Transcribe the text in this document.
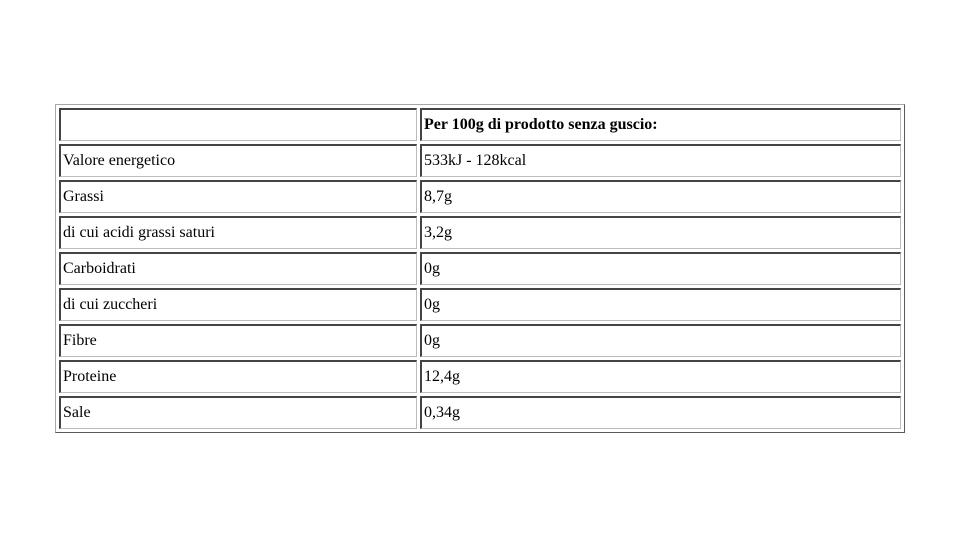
	Per 100g di prodotto senza guscio:
Valore energetico	533kJ - 128kcal
Grassi	8,7g
di cui acidi grassi saturi	3,2g
Carboidrati	0g
di cui zuccheri	0g
Fibre	0g
Proteine	12,4g
Sale	0,34g
